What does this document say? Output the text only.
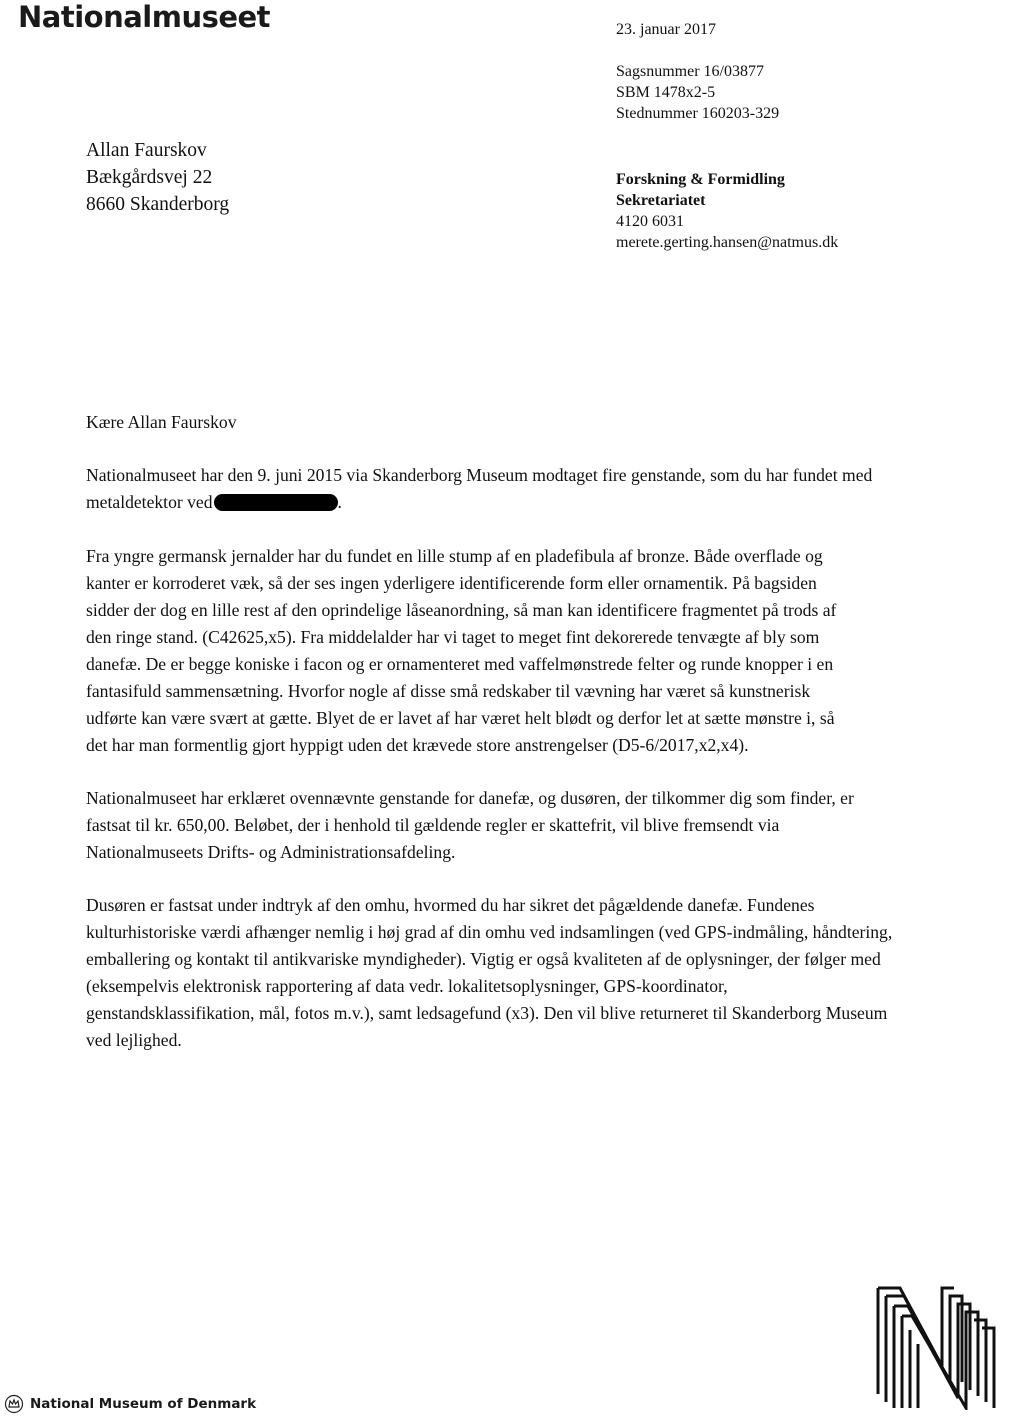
Nationalmuseet	23. januar 2017
Sagsnummer 16/03877
SBM 1478x2-5
Stednummer 160203-329
Forskning & Formidling
Sekretariatet
4120 6031
merete.gerting.hansen@natmus.dk
Allan Faurskov
Bækgårdsvej 22
8660 Skanderborg
Kære Allan Faurskov
Nationalmuseet har den 9. juni 2015 via Skanderborg Museum modtaget fire genstande, som du har fundet med
metaldetektor ved	.
Fra yngre germansk jernalder har du fundet en lille stump af en pladefibula af bronze. Både overflade og
kanter er korroderet væk, så der ses ingen yderligere identificerende form eller ornamentik. På bagsiden
sidder der dog en lille rest af den oprindelige låseanordning, så man kan identificere fragmentet på trods af
den ringe stand. (C42625,x5). Fra middelalder har vi taget to meget fint dekorerede tenvægte af bly som
danefæ. De er begge koniske i facon og er ornamenteret med vaffelmønstrede felter og runde knopper i en
fantasifuld sammensætning. Hvorfor nogle af disse små redskaber til vævning har været så kunstnerisk
udførte kan være svært at gætte. Blyet de er lavet af har været helt blødt og derfor let at sætte mønstre i, så
det har man formentlig gjort hyppigt uden det krævede store anstrengelser (D5-6/2017,x2,x4).
Nationalmuseet har erklæret ovennævnte genstande for danefæ, og dusøren, der tilkommer dig som finder, er
fastsat til kr. 650,00. Beløbet, der i henhold til gældende regler er skattefrit, vil blive fremsendt via
Nationalmuseets Drifts- og Administrationsafdeling.
Dusøren er fastsat under indtryk af den omhu, hvormed du har sikret det pågældende danefæ. Fundenes
kulturhistoriske værdi afhænger nemlig i høj grad af din omhu ved indsamlingen (ved GPS-indmåling, håndtering,
emballering og kontakt til antikvariske myndigheder). Vigtig er også kvaliteten af de oplysninger, der følger med
(eksempelvis elektronisk rapportering af data vedr. lokalitetsoplysninger, GPS-koordinator,
genstandsklassifikation, mål, fotos m.v.), samt ledsagefund (x3). Den vil blive returneret til Skanderborg Museum
ved lejlighed.
National Museum of Denmark
